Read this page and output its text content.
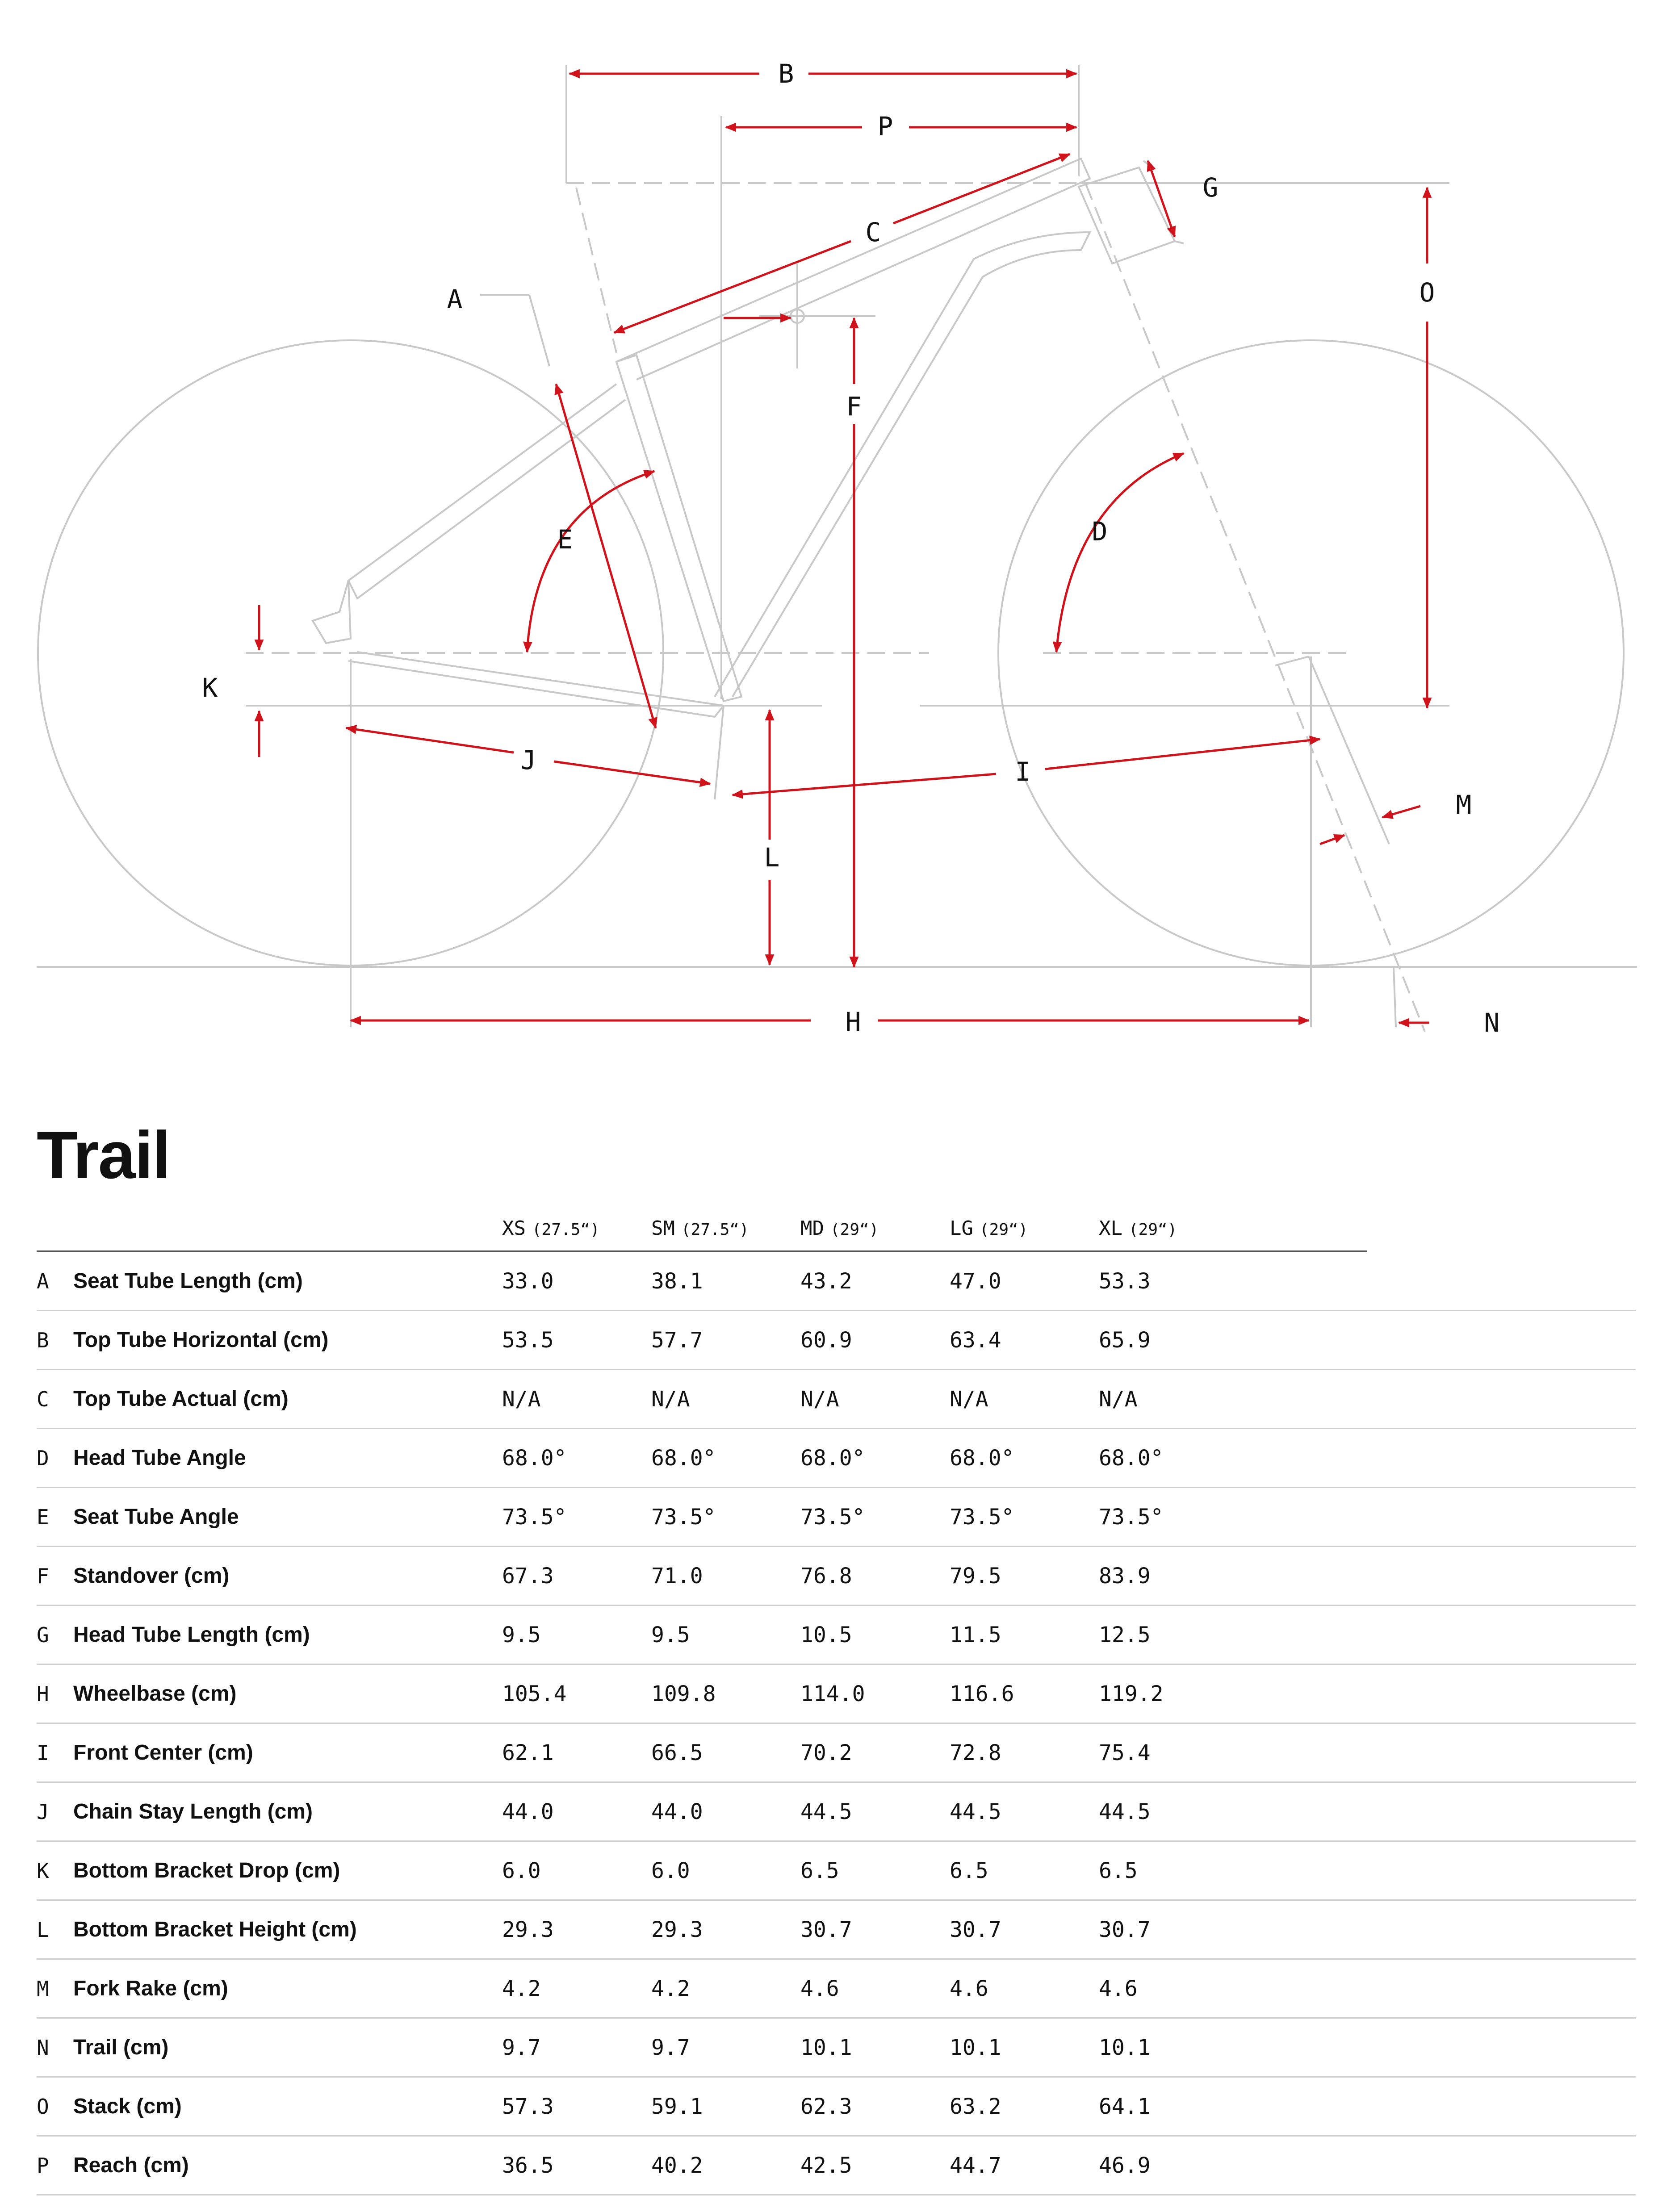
A
B
C
D
E
F
G
H
I
J
K
L
M
N
O
P
Trail
		XS (27.5“)	SM (27.5“)	MD (29“)	LG (29“)	XL (29“)	
A	Seat Tube Length (cm)	33.0	38.1	43.2	47.0	53.3	
B	Top Tube Horizontal (cm)	53.5	57.7	60.9	63.4	65.9	
C	Top Tube Actual (cm)	N/A	N/A	N/A	N/A	N/A	
D	Head Tube Angle	68.0°	68.0°	68.0°	68.0°	68.0°	
E	Seat Tube Angle	73.5°	73.5°	73.5°	73.5°	73.5°	
F	Standover (cm)	67.3	71.0	76.8	79.5	83.9	
G	Head Tube Length (cm)	9.5	9.5	10.5	11.5	12.5	
H	Wheelbase (cm)	105.4	109.8	114.0	116.6	119.2	
I	Front Center (cm)	62.1	66.5	70.2	72.8	75.4	
J	Chain Stay Length (cm)	44.0	44.0	44.5	44.5	44.5	
K	Bottom Bracket Drop (cm)	6.0	6.0	6.5	6.5	6.5	
L	Bottom Bracket Height (cm)	29.3	29.3	30.7	30.7	30.7	
M	Fork Rake (cm)	4.2	4.2	4.6	4.6	4.6	
N	Trail (cm)	9.7	9.7	10.1	10.1	10.1	
O	Stack (cm)	57.3	59.1	62.3	63.2	64.1	
P	Reach (cm)	36.5	40.2	42.5	44.7	46.9	
